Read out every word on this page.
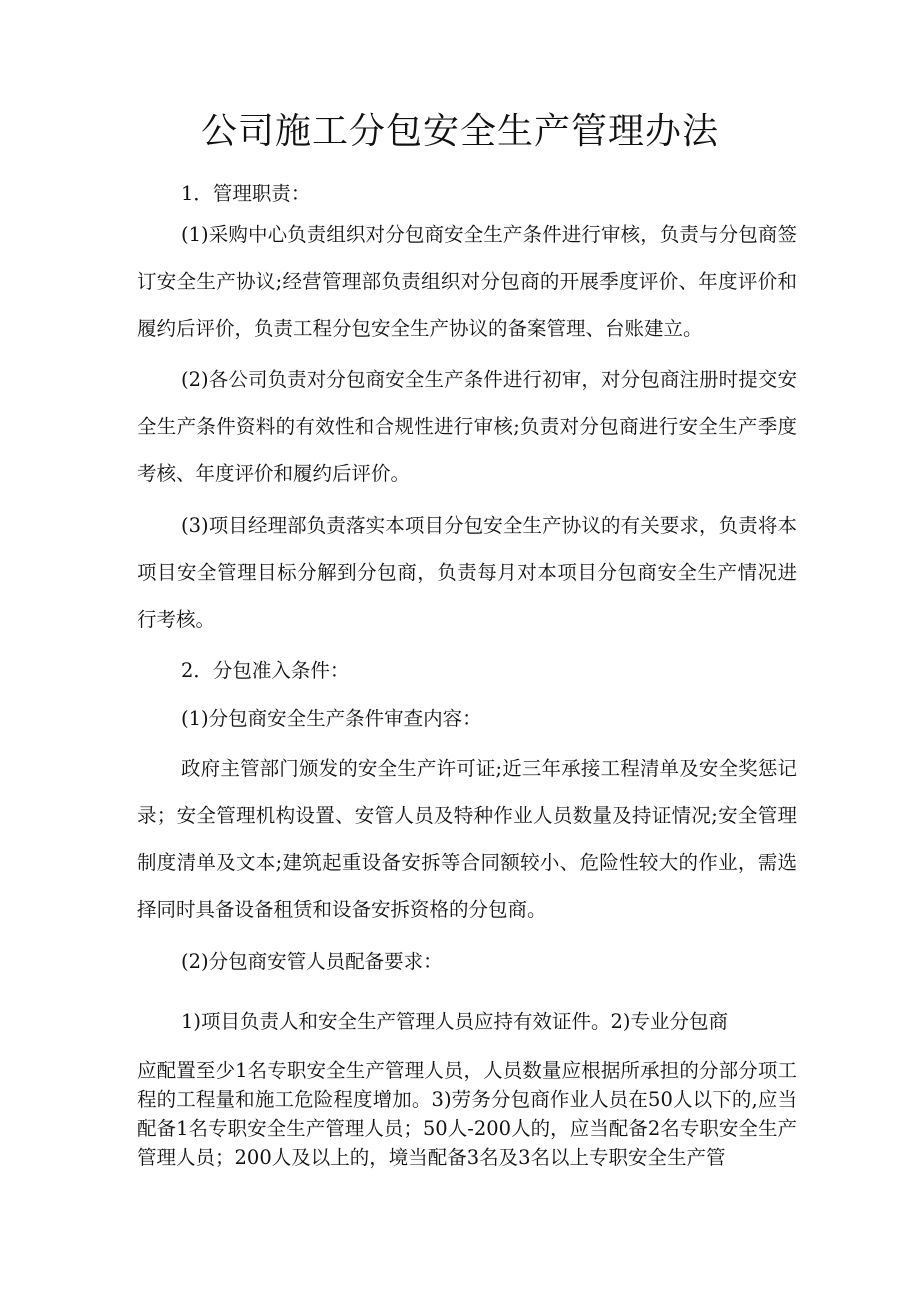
公司施工分包安全生产管理办法

1．管理职责：

(1)采购中心负责组织对分包商安全生产条件进行审核，负责与分包商签订安全生产协议;经营管理部负责组织对分包商的开展季度评价、年度评价和履约后评价，负责工程分包安全生产协议的备案管理、台账建立。

(2)各公司负责对分包商安全生产条件进行初审，对分包商注册时提交安全生产条件资料的有效性和合规性进行审核;负责对分包商进行安全生产季度考核、年度评价和履约后评价。

(3)项目经理部负责落实本项目分包安全生产协议的有关要求，负责将本项目安全管理目标分解到分包商，负责每月对本项目分包商安全生产情况进行考核。

2．分包准入条件：

(1)分包商安全生产条件审查内容：

政府主管部门颁发的安全生产许可证;近三年承接工程清单及安全奖惩记录；安全管理机构设置、安管人员及特种作业人员数量及持证情况;安全管理制度清单及文本;建筑起重设备安拆等合同额较小、危险性较大的作业，需选择同时具备设备租赁和设备安拆资格的分包商。

(2)分包商安管人员配备要求：

1)项目负责人和安全生产管理人员应持有效证件。2)专业分包商

应配置至少1名专职安全生产管理人员，人员数量应根据所承担的分部分项工程的工程量和施工危险程度增加。3)劳务分包商作业人员在50人以下的,应当配备1名专职安全生产管理人员；50人-200人的，应当配备2名专职安全生产管理人员；200人及以上的，境当配备3名及3名以上专职安全生产管
